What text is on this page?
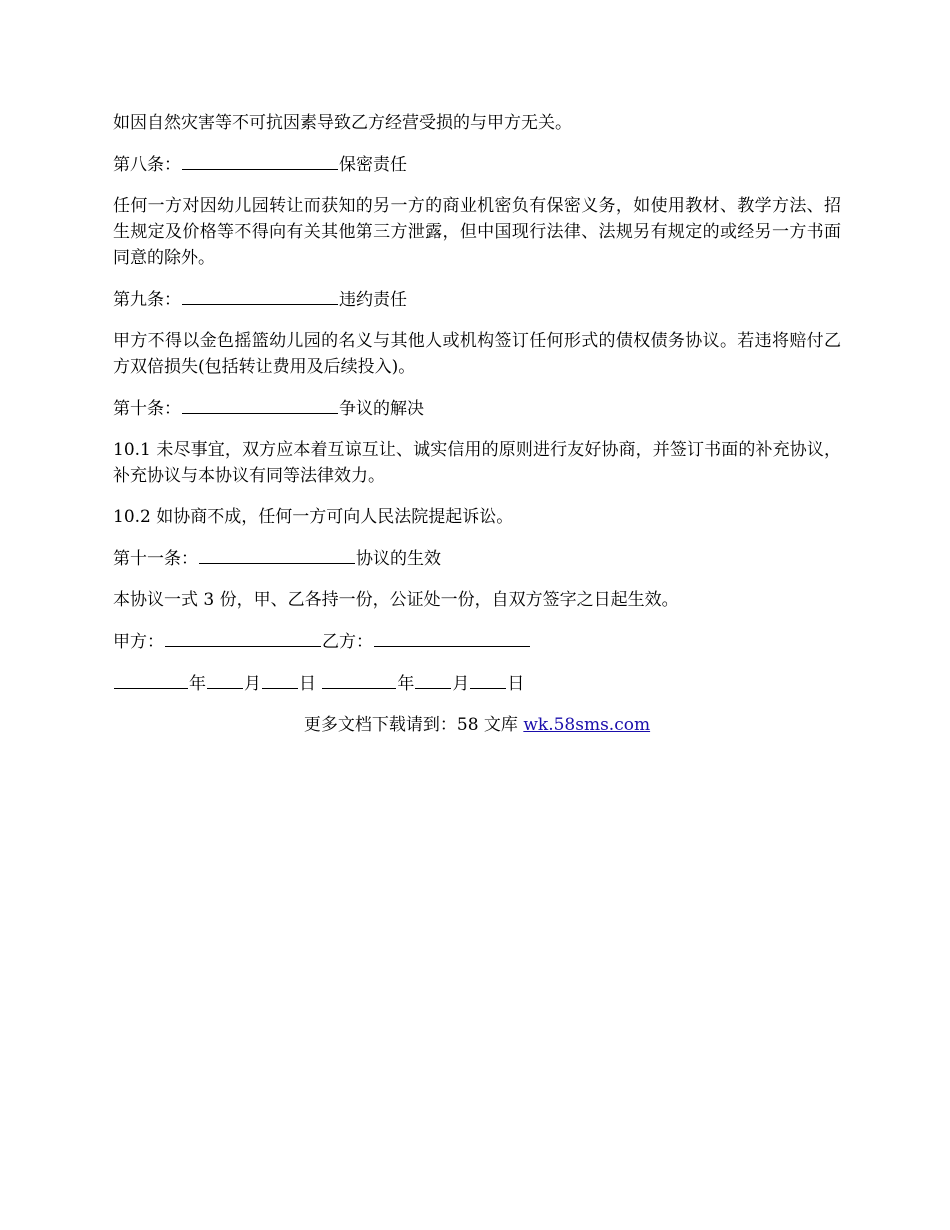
如因自然灾害等不可抗因素导致乙方经营受损的与甲方无关。

第八条：	保密责任

任何一方对因幼儿园转让而获知的另一方的商业机密负有保密义务，如使用教材、教学方法、招生规定及价格等不得向有关其他第三方泄露，但中国现行法律、法规另有规定的或经另一方书面同意的除外。

第九条：	违约责任

甲方不得以金色摇篮幼儿园的名义与其他人或机构签订任何形式的债权债务协议。若违将赔付乙方双倍损失(包括转让费用及后续投入)。

第十条：	争议的解决

10.1 未尽事宜，双方应本着互谅互让、诚实信用的原则进行友好协商，并签订书面的补充协议，补充协议与本协议有同等法律效力。

10.2 如协商不成，任何一方可向人民法院提起诉讼。

第十一条：	协议的生效

本协议一式 3 份，甲、乙各持一份，公证处一份，自双方签字之日起生效。

甲方：	乙方：

年 月 日	年 月 日

更多文档下载请到：58 文库 wk.58sms.com
